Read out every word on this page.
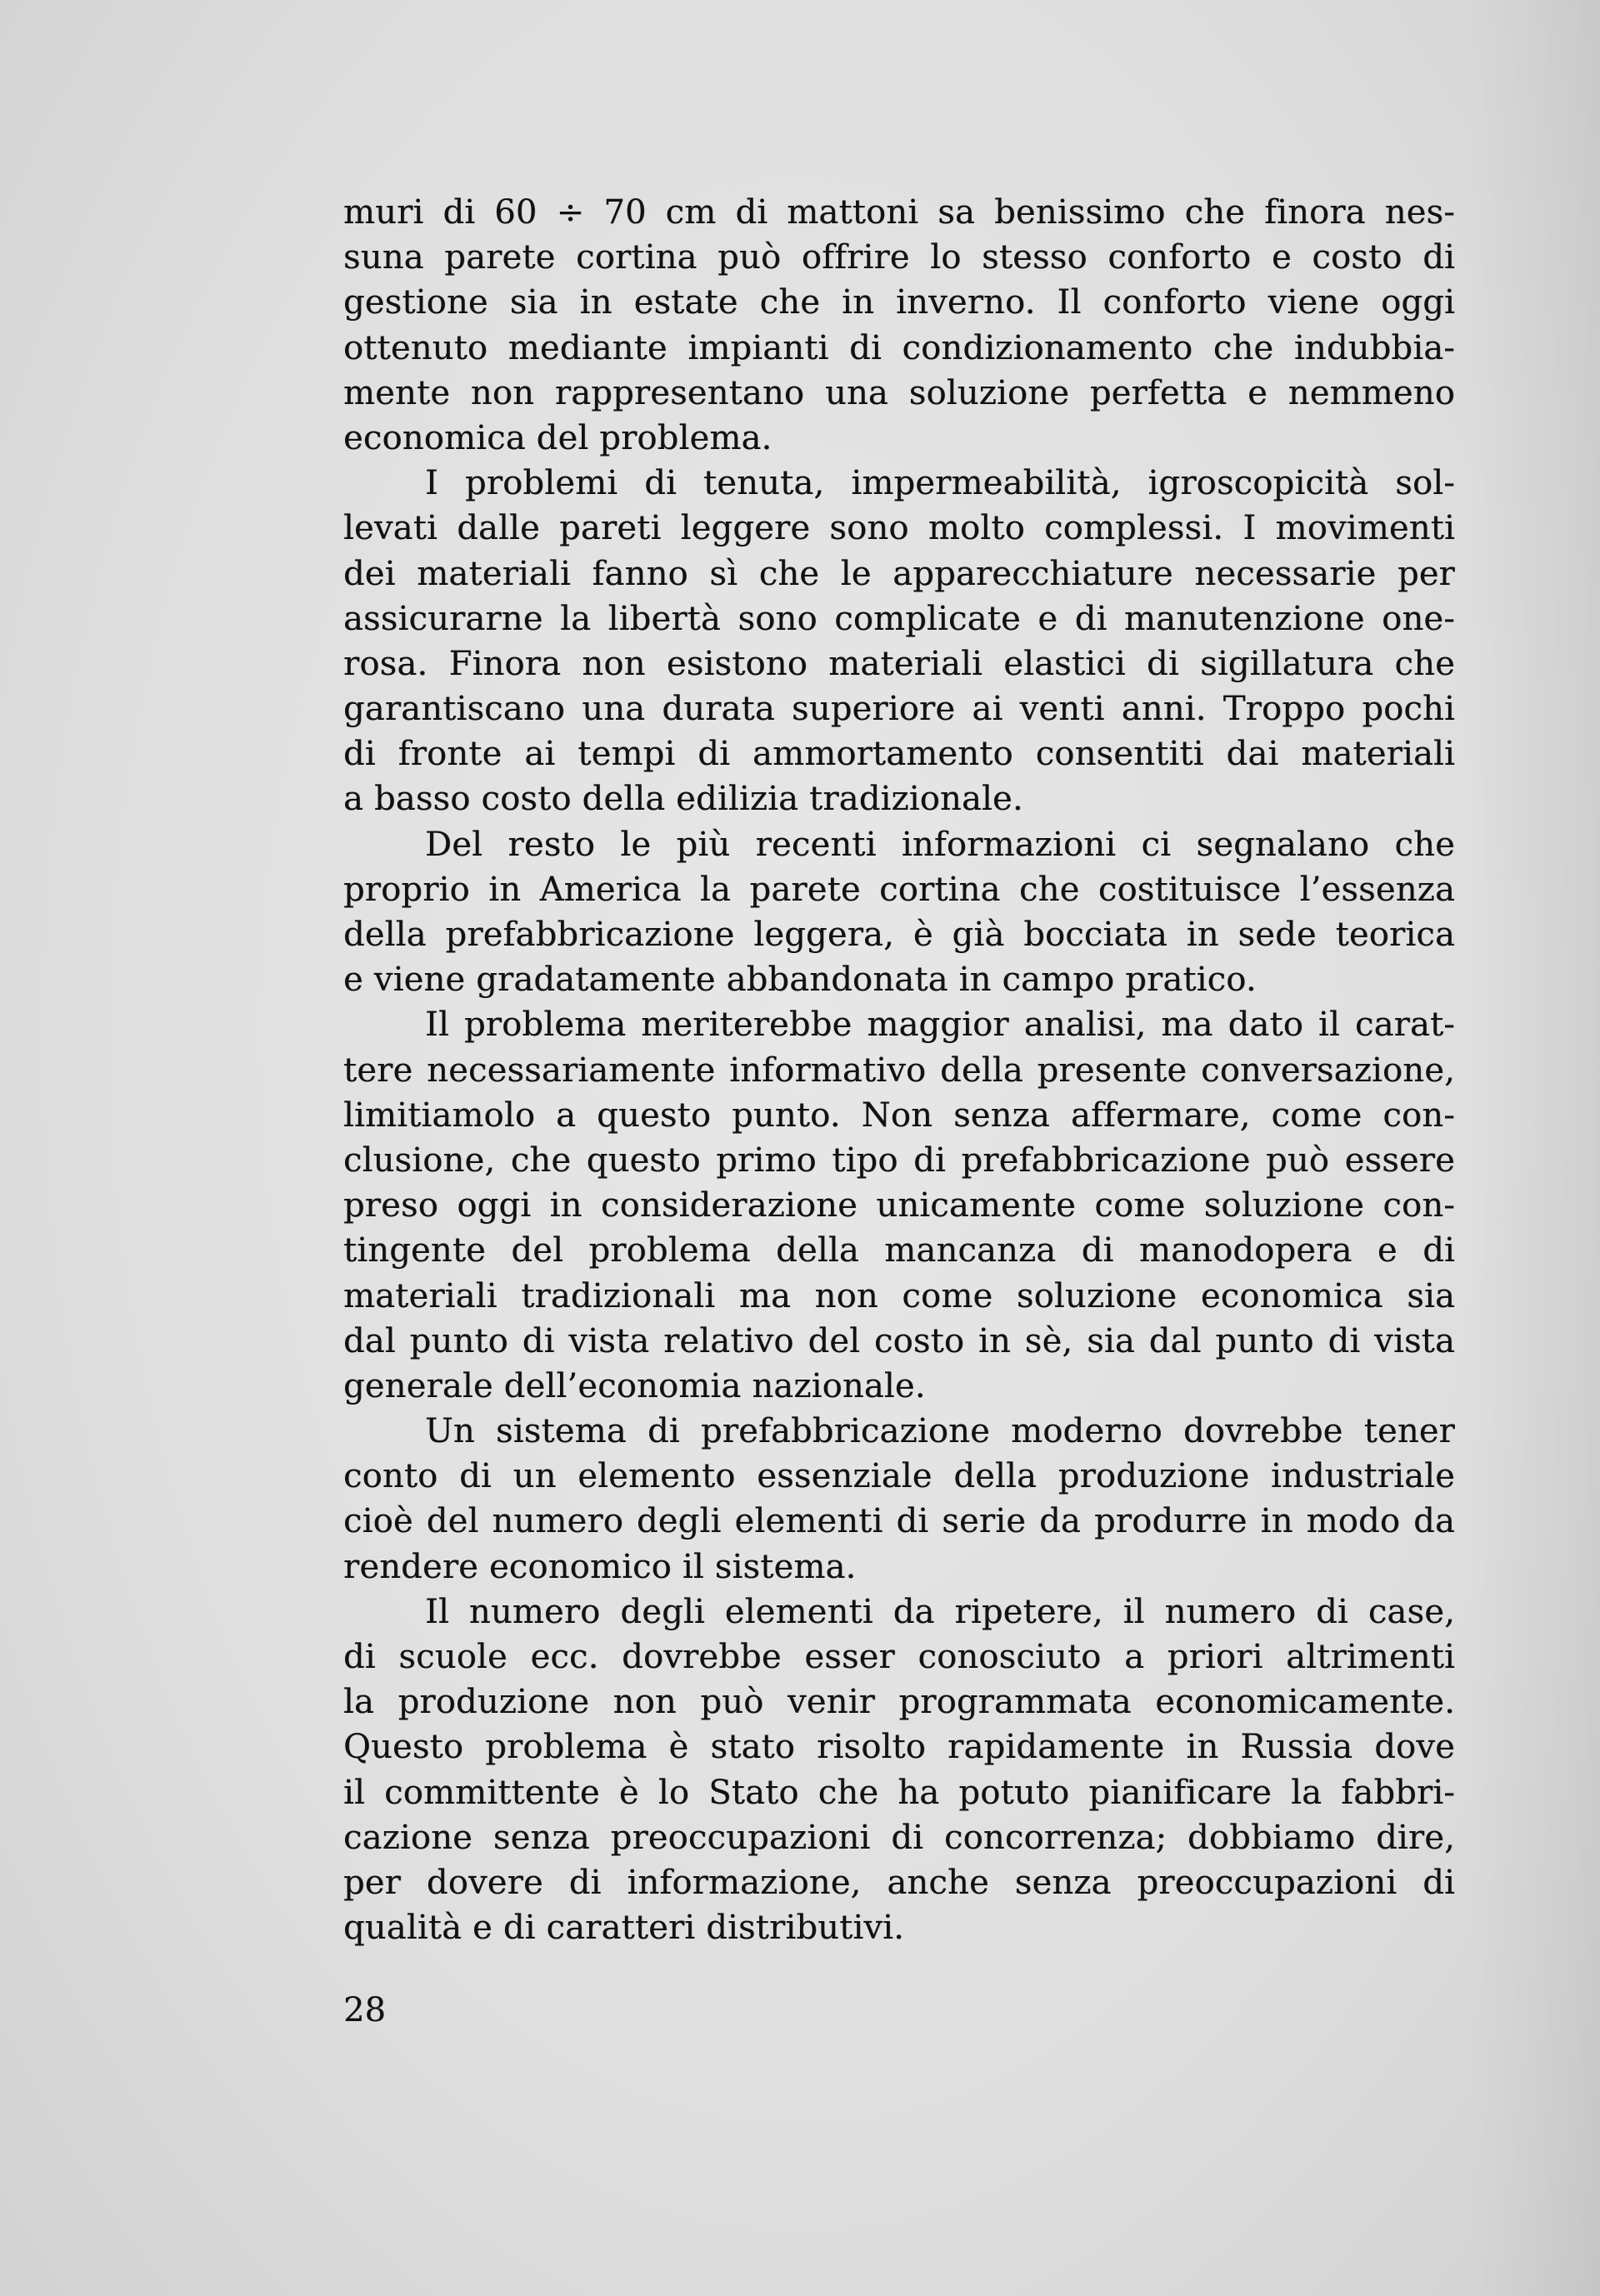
muri di 60 ÷ 70 cm di mattoni sa benissimo che finora nes-
suna parete cortina può offrire lo stesso conforto e costo di
gestione sia in estate che in inverno. Il conforto viene oggi
ottenuto mediante impianti di condizionamento che indubbia-
mente non rappresentano una soluzione perfetta e nemmeno
economica del problema.
I problemi di tenuta, impermeabilità, igroscopicità sol-
levati dalle pareti leggere sono molto complessi. I movimenti
dei materiali fanno sì che le apparecchiature necessarie per
assicurarne la libertà sono complicate e di manutenzione one-
rosa. Finora non esistono materiali elastici di sigillatura che
garantiscano una durata superiore ai venti anni. Troppo pochi
di fronte ai tempi di ammortamento consentiti dai materiali
a basso costo della edilizia tradizionale.
Del resto le più recenti informazioni ci segnalano che
proprio in America la parete cortina che costituisce l’essenza
della prefabbricazione leggera, è già bocciata in sede teorica
e viene gradatamente abbandonata in campo pratico.
Il problema meriterebbe maggior analisi, ma dato il carat-
tere necessariamente informativo della presente conversazione,
limitiamolo a questo punto. Non senza affermare, come con-
clusione, che questo primo tipo di prefabbricazione può essere
preso oggi in considerazione unicamente come soluzione con-
tingente del problema della mancanza di manodopera e di
materiali tradizionali ma non come soluzione economica sia
dal punto di vista relativo del costo in sè, sia dal punto di vista
generale dell’economia nazionale.
Un sistema di prefabbricazione moderno dovrebbe tener
conto di un elemento essenziale della produzione industriale
cioè del numero degli elementi di serie da produrre in modo da
rendere economico il sistema.
Il numero degli elementi da ripetere, il numero di case,
di scuole ecc. dovrebbe esser conosciuto a priori altrimenti
la produzione non può venir programmata economicamente.
Questo problema è stato risolto rapidamente in Russia dove
il committente è lo Stato che ha potuto pianificare la fabbri-
cazione senza preoccupazioni di concorrenza; dobbiamo dire,
per dovere di informazione, anche senza preoccupazioni di
qualità e di caratteri distributivi.
28
